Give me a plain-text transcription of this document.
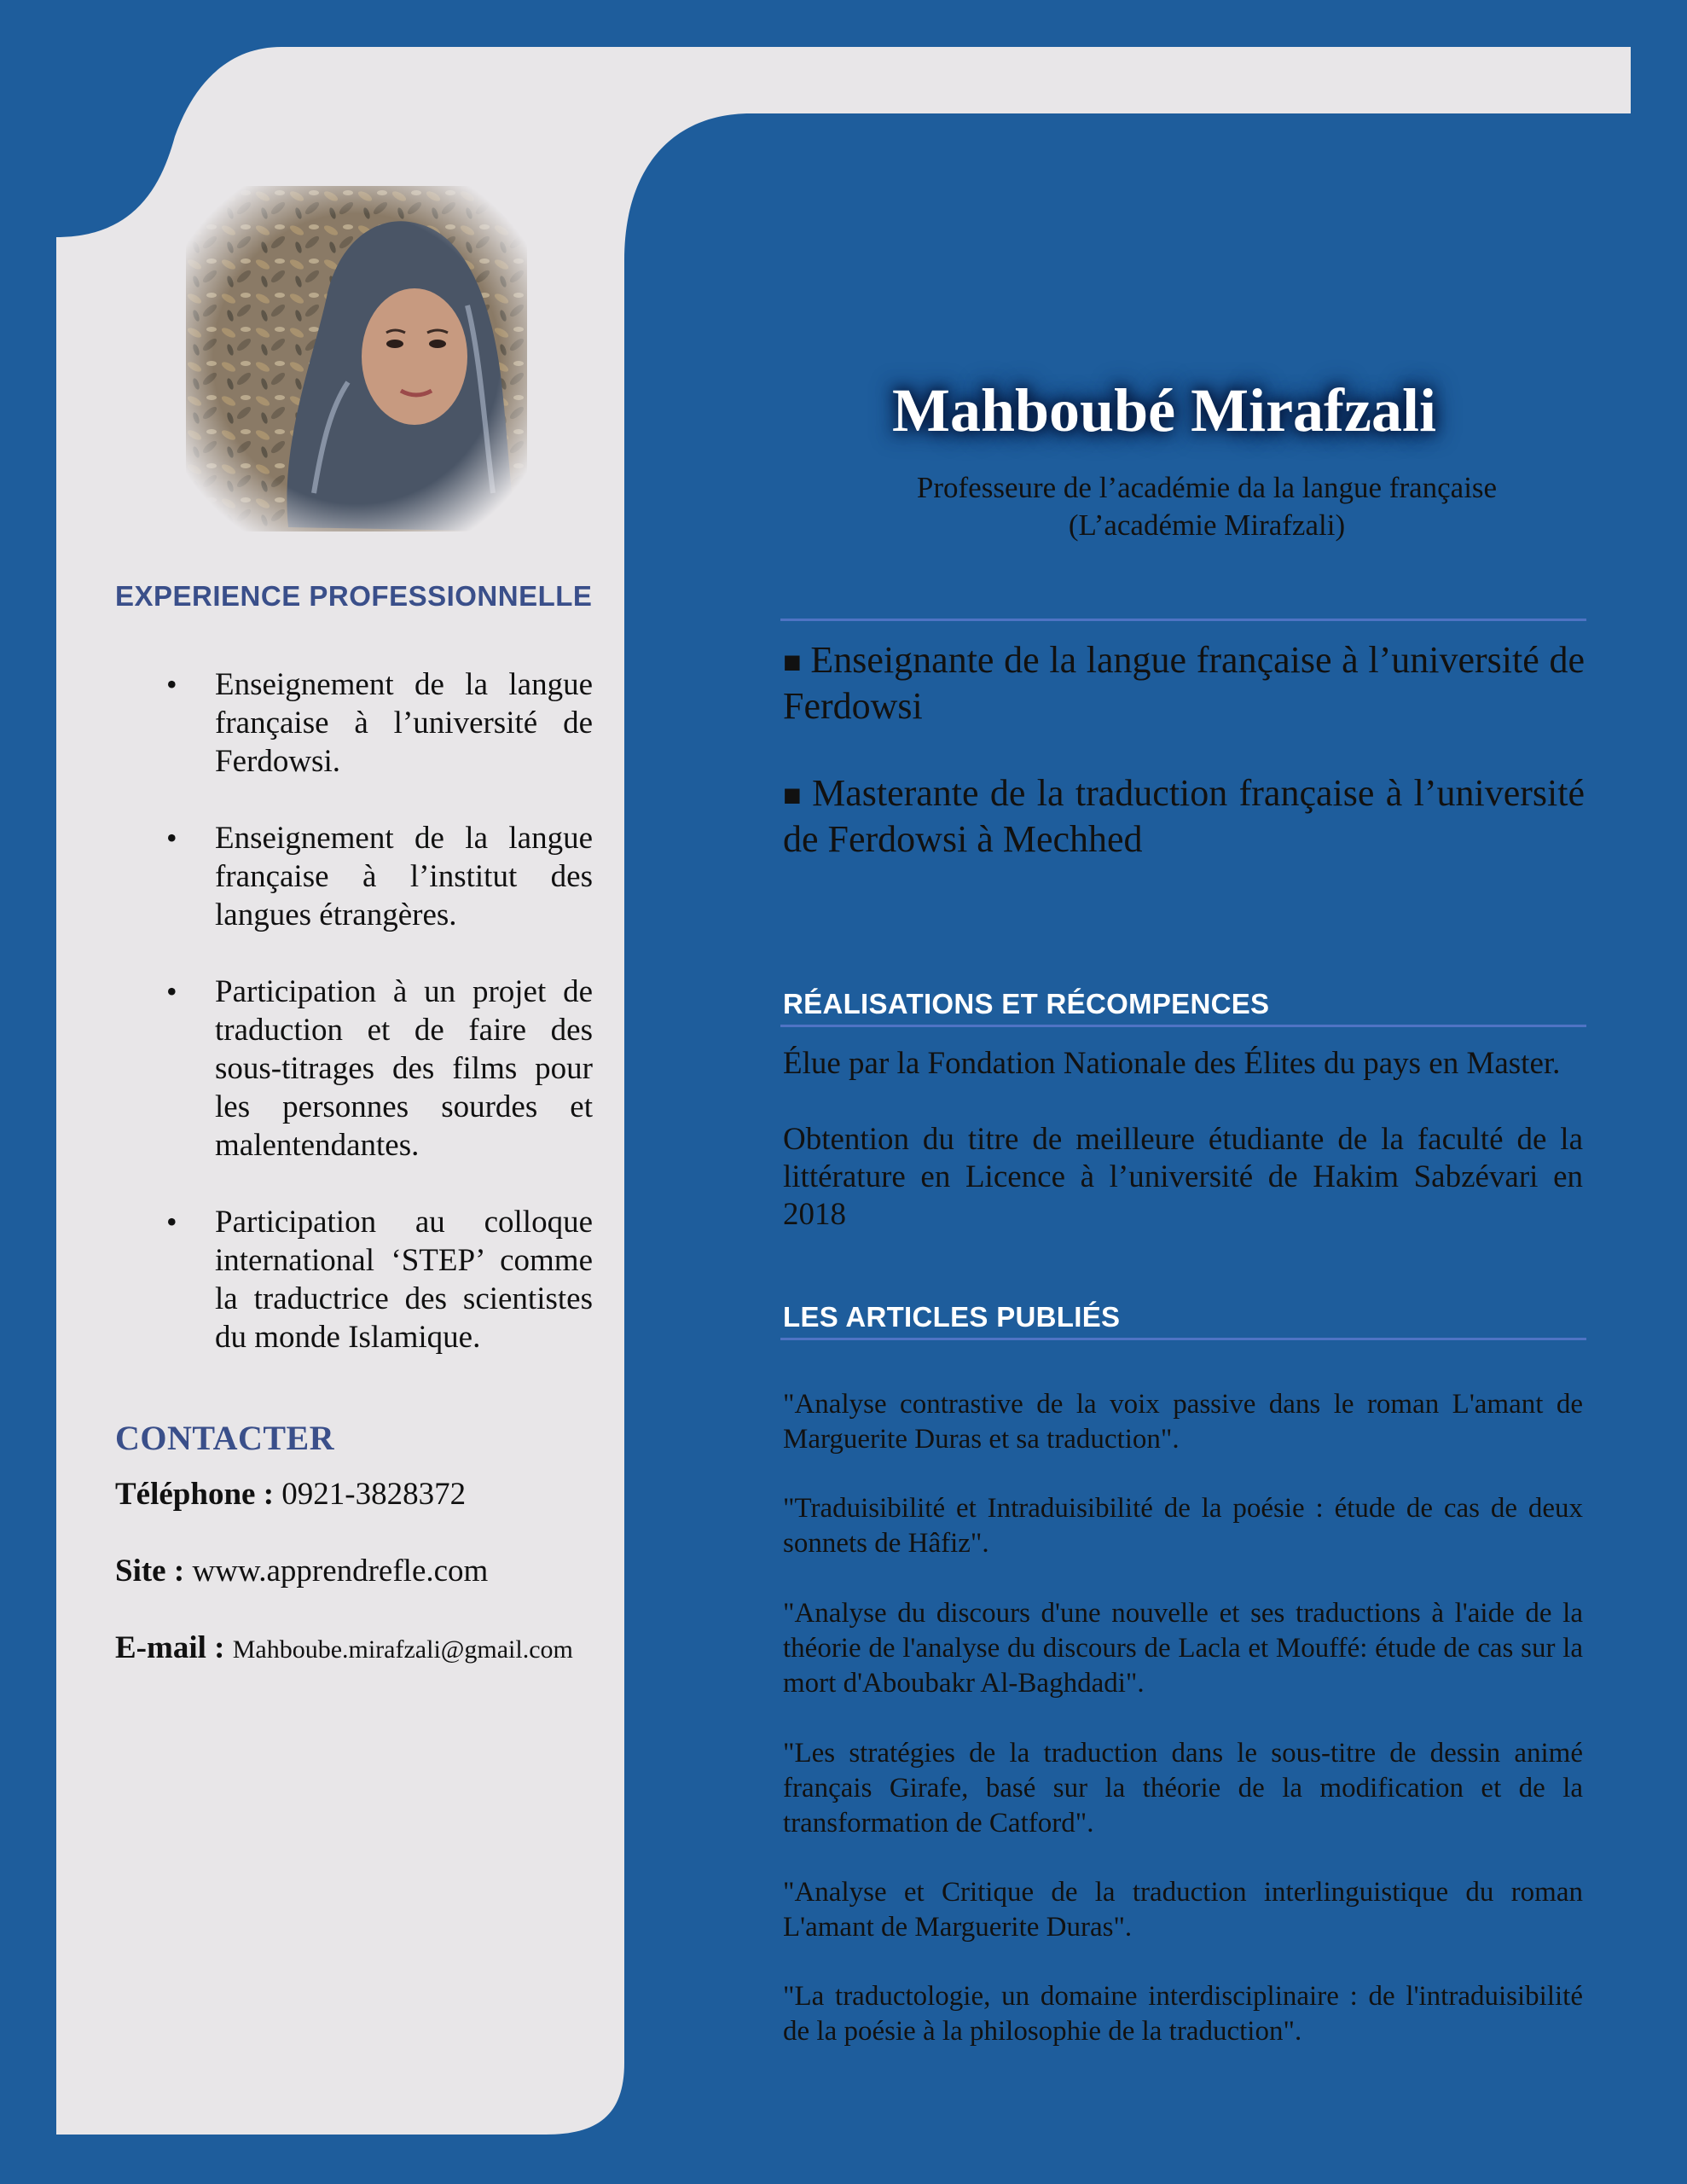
EXPERIENCE PROFESSIONNELLE
• Enseignement de la langue française à l’université de Ferdowsi.
• Enseignement de la langue française à l’institut des langues étrangères.
• Participation à un projet de traduction et de faire des sous-titrages des films pour les personnes sourdes et malentendantes.
• Participation au colloque international ‘STEP’ comme la traductrice des scientistes du monde Islamique.
CONTACTER
Téléphone : 0921-3828372
Site : www.apprendrefle.com
E-mail : Mahboube.mirafzali@gmail.com
Mahboubé Mirafzali
Professeure de l’académie da la langue française
(L’académie Mirafzali)
■ Enseignante de la langue française à l’université de Ferdowsi
■ Masterante de la traduction française à l’université de Ferdowsi à Mechhed
RÉALISATIONS ET RÉCOMPENCES
Élue par la Fondation Nationale des Élites du pays en Master.
Obtention du titre de meilleure étudiante de la faculté de la littérature en Licence à l’université de Hakim Sabzévari en 2018
LES ARTICLES PUBLIÉS
"Analyse contrastive de la voix passive dans le roman L'amant de Marguerite Duras et sa traduction".
"Traduisibilité et Intraduisibilité de la poésie : étude de cas de deux sonnets de Hâfiz".
"Analyse du discours d'une nouvelle et ses traductions à l'aide de la théorie de l'analyse du discours de Lacla et Mouffé: étude de cas sur la mort d'Aboubakr Al-Baghdadi".
"Les stratégies de la traduction dans le sous-titre de dessin animé français Girafe, basé sur la théorie de la modification et de la transformation de Catford".
"Analyse et Critique de la traduction interlinguistique du roman L'amant de Marguerite Duras".
"La traductologie, un domaine interdisciplinaire : de l'intraduisibilité de la poésie à la philosophie de la traduction".
